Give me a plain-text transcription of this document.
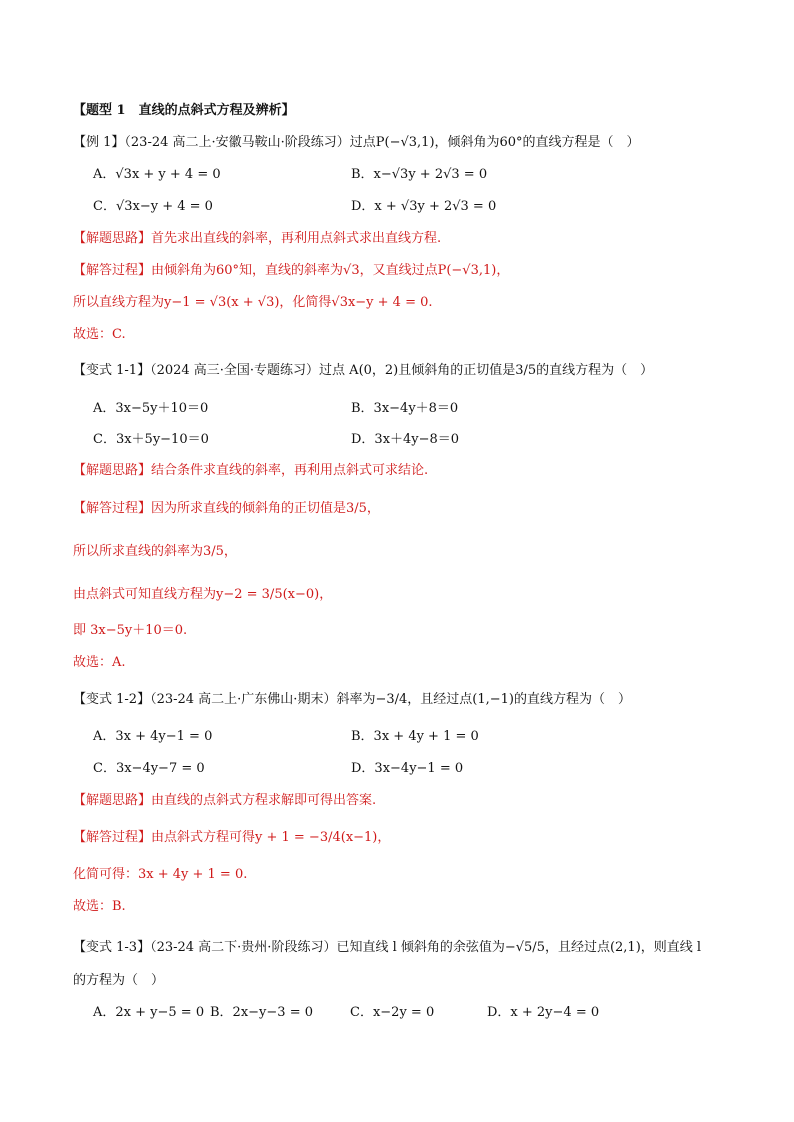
【题型 1　直线的点斜式方程及辨析】
【例 1】（23-24 高二上·安徽马鞍山·阶段练习）过点P(−√3,1)，倾斜角为60°的直线方程是（　）
A．√3x + y + 4 = 0	B．x−√3y + 2√3 = 0
C．√3x−y + 4 = 0	D．x + √3y + 2√3 = 0
【解题思路】首先求出直线的斜率，再利用点斜式求出直线方程.
【解答过程】由倾斜角为60°知，直线的斜率为√3，又直线过点P(−√3,1)，
所以直线方程为y−1 = √3(x + √3)，化简得√3x−y + 4 = 0.
故选：C.
【变式 1-1】（2024 高三·全国·专题练习）过点 A(0，2)且倾斜角的正切值是3/5的直线方程为（　）
A．3x−5y＋10＝0	B．3x−4y＋8＝0
C．3x＋5y−10＝0	D．3x＋4y−8＝0
【解题思路】结合条件求直线的斜率，再利用点斜式可求结论.
【解答过程】因为所求直线的倾斜角的正切值是3/5，
所以所求直线的斜率为3/5，
由点斜式可知直线方程为y−2 = 3/5(x−0)，
即 3x−5y＋10＝0.
故选：A.
【变式 1-2】（23-24 高二上·广东佛山·期末）斜率为−3/4，且经过点(1,−1)的直线方程为（　）
A．3x + 4y−1 = 0	B．3x + 4y + 1 = 0
C．3x−4y−7 = 0	D．3x−4y−1 = 0
【解题思路】由直线的点斜式方程求解即可得出答案.
【解答过程】由点斜式方程可得y + 1 = −3/4(x−1)，
化简可得：3x + 4y + 1 = 0.
故选：B.
【变式 1-3】（23-24 高二下·贵州·阶段练习）已知直线 l 倾斜角的余弦值为−√5/5，且经过点(2,1)，则直线 l
的方程为（　）
A．2x + y−5 = 0 B．2x−y−3 = 0	C．x−2y = 0	D．x + 2y−4 = 0
